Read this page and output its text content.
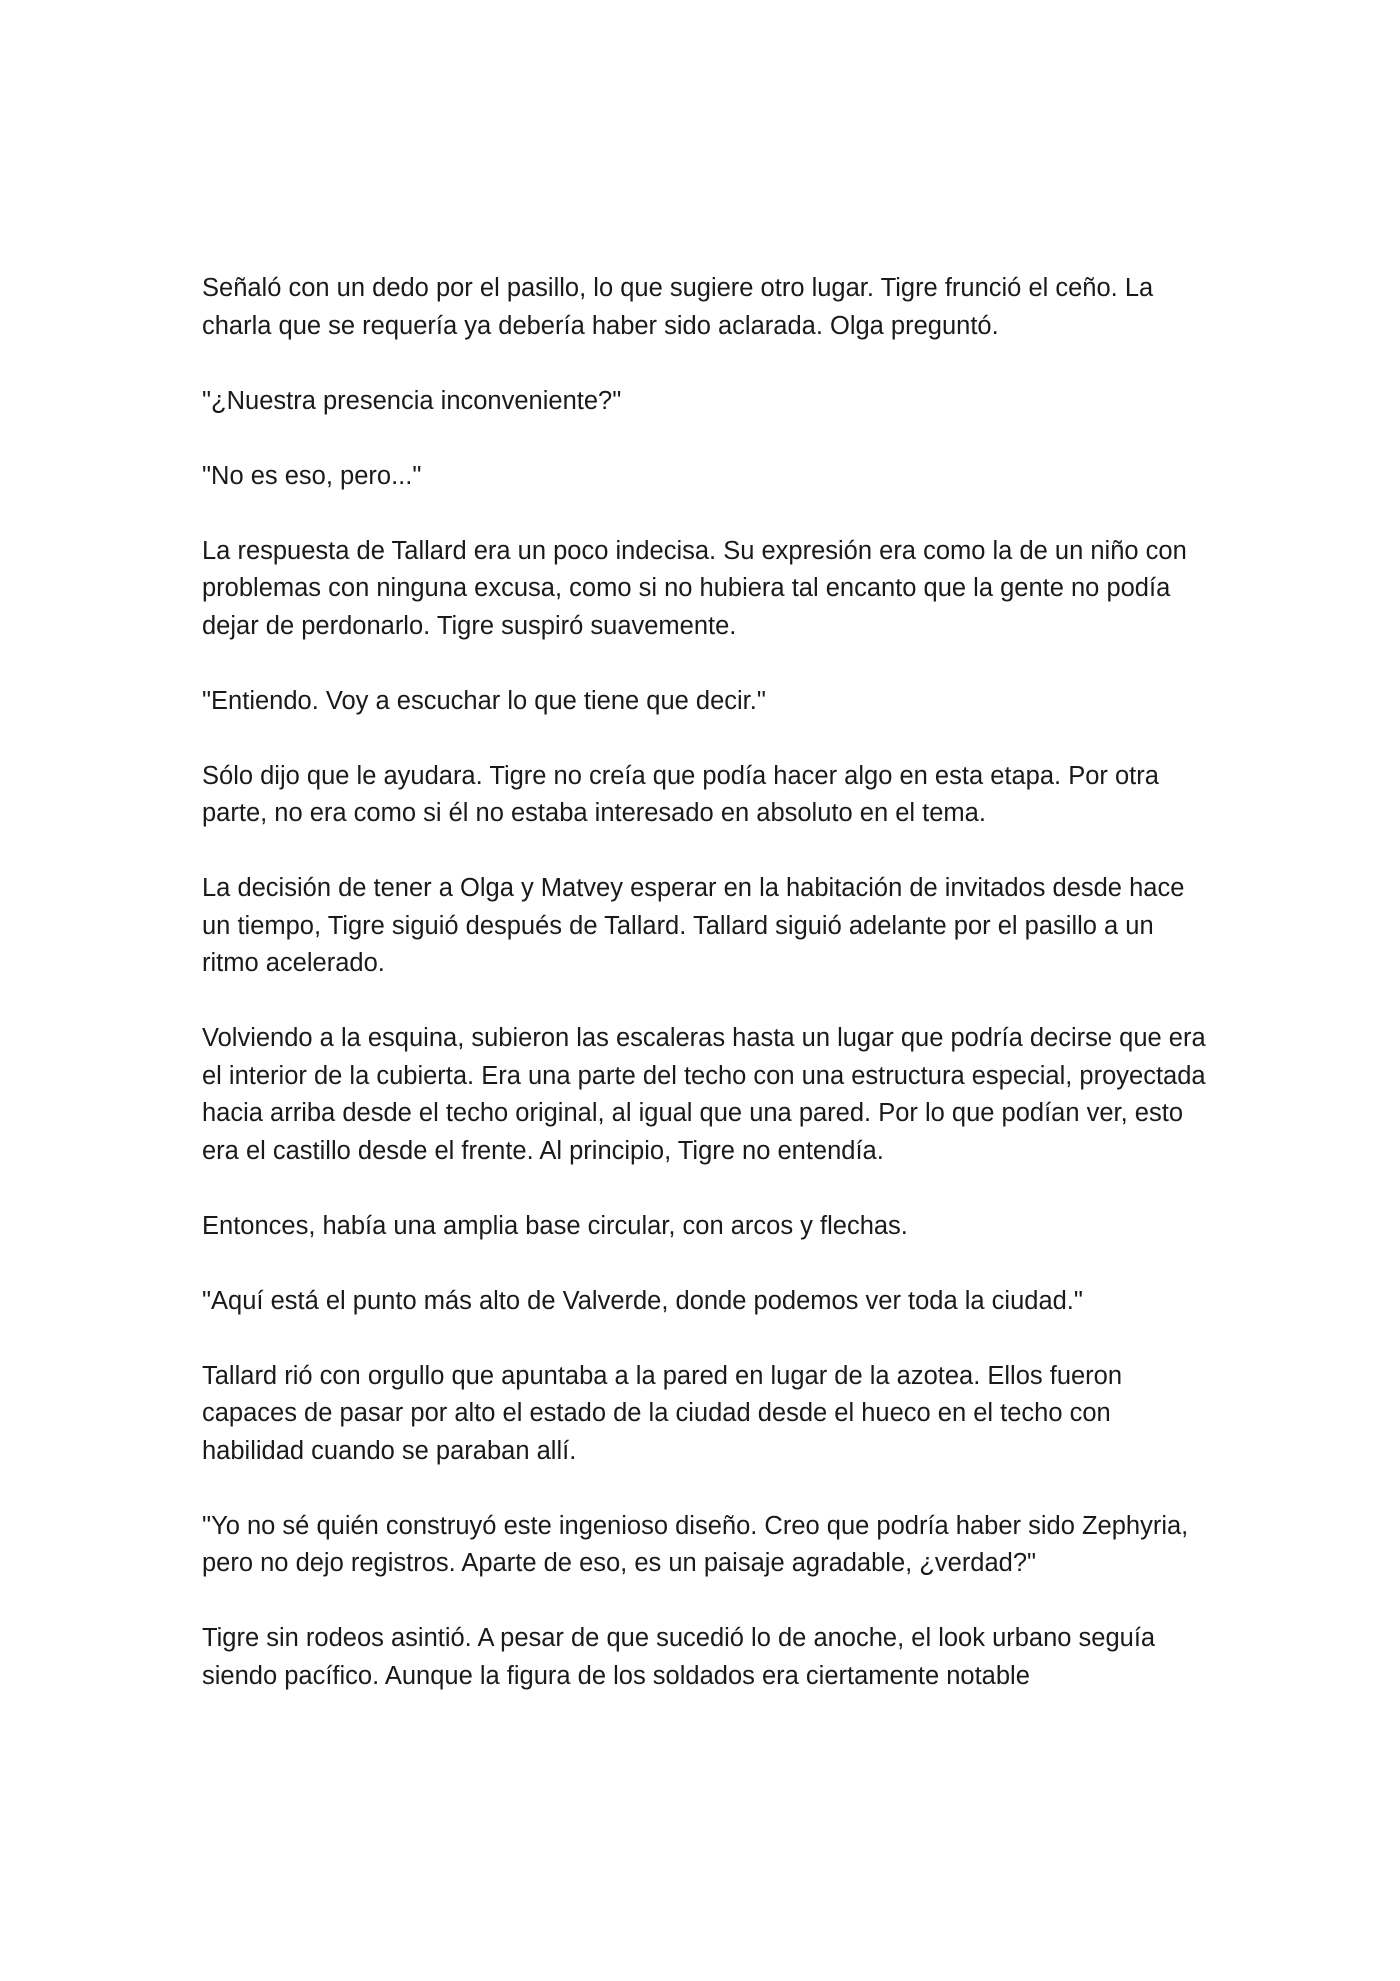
Señaló con un dedo por el pasillo, lo que sugiere otro lugar. Tigre frunció el ceño. La charla que se requería ya debería haber sido aclarada. Olga preguntó.

"¿Nuestra presencia inconveniente?"

"No es eso, pero..."

La respuesta de Tallard era un poco indecisa. Su expresión era como la de un niño con problemas con ninguna excusa, como si no hubiera tal encanto que la gente no podía dejar de perdonarlo. Tigre suspiró suavemente.

"Entiendo. Voy a escuchar lo que tiene que decir."

Sólo dijo que le ayudara. Tigre no creía que podía hacer algo en esta etapa. Por otra parte, no era como si él no estaba interesado en absoluto en el tema.

La decisión de tener a Olga y Matvey esperar en la habitación de invitados desde hace un tiempo, Tigre siguió después de Tallard. Tallard siguió adelante por el pasillo a un ritmo acelerado.

Volviendo a la esquina, subieron las escaleras hasta un lugar que podría decirse que era el interior de la cubierta. Era una parte del techo con una estructura especial, proyectada hacia arriba desde el techo original, al igual que una pared. Por lo que podían ver, esto era el castillo desde el frente. Al principio, Tigre no entendía.

Entonces, había una amplia base circular, con arcos y flechas.

"Aquí está el punto más alto de Valverde, donde podemos ver toda la ciudad."

Tallard rió con orgullo que apuntaba a la pared en lugar de la azotea. Ellos fueron capaces de pasar por alto el estado de la ciudad desde el hueco en el techo con habilidad cuando se paraban allí.

"Yo no sé quién construyó este ingenioso diseño. Creo que podría haber sido Zephyria, pero no dejo registros. Aparte de eso, es un paisaje agradable, ¿verdad?"

Tigre sin rodeos asintió. A pesar de que sucedió lo de anoche, el look urbano seguía siendo pacífico. Aunque la figura de los soldados era ciertamente notable
